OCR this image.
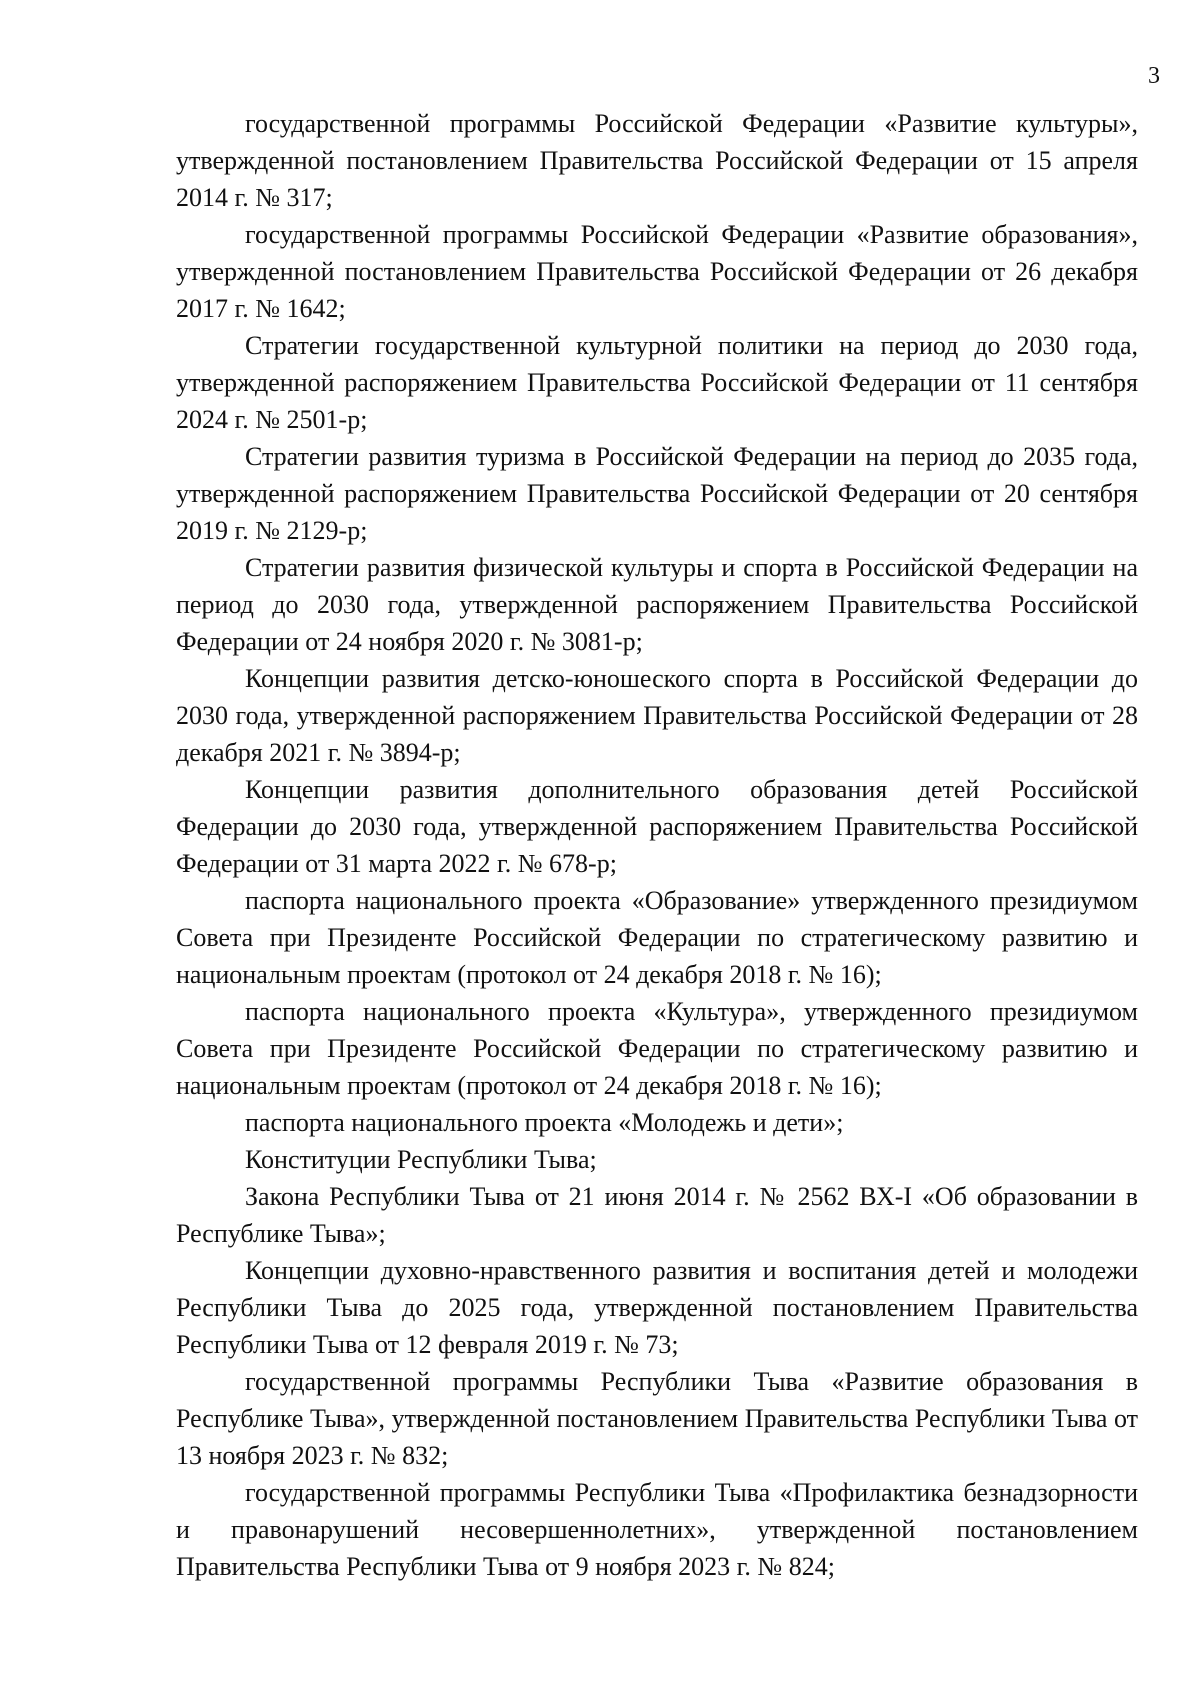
3

государственной программы Российской Федерации «Развитие культуры», утвержденной постановлением Правительства Российской Федерации от 15 апреля 2014 г. № 317;

государственной программы Российской Федерации «Развитие образования», утвержденной постановлением Правительства Российской Федерации от 26 декабря 2017 г. № 1642;

Стратегии государственной культурной политики на период до 2030 года, утвержденной распоряжением Правительства Российской Федерации от 11 сентября 2024 г. № 2501-р;

Стратегии развития туризма в Российской Федерации на период до 2035 года, утвержденной распоряжением Правительства Российской Федерации от 20 сентября 2019 г. № 2129-р;

Стратегии развития физической культуры и спорта в Российской Федерации на период до 2030 года, утвержденной распоряжением Правительства Российской Федерации от 24 ноября 2020 г. № 3081-р;

Концепции развития детско-юношеского спорта в Российской Федерации до 2030 года, утвержденной распоряжением Правительства Российской Федерации от 28 декабря 2021 г. № 3894-р;

Концепции развития дополнительного образования детей Российской Федерации до 2030 года, утвержденной распоряжением Правительства Российской Федерации от 31 марта 2022 г. № 678-р;

паспорта национального проекта «Образование» утвержденного президиумом Совета при Президенте Российской Федерации по стратегическому развитию и национальным проектам (протокол от 24 декабря 2018 г. № 16);

паспорта национального проекта «Культура», утвержденного президиумом Совета при Президенте Российской Федерации по стратегическому развитию и национальным проектам (протокол от 24 декабря 2018 г. № 16);

паспорта национального проекта «Молодежь и дети»;

Конституции Республики Тыва;

Закона Республики Тыва от 21 июня 2014 г. № 2562 ВХ-I «Об образовании в Республике Тыва»;

Концепции духовно-нравственного развития и воспитания детей и молодежи Республики Тыва до 2025 года, утвержденной постановлением Правительства Республики Тыва от 12 февраля 2019 г. № 73;

государственной программы Республики Тыва «Развитие образования в Республике Тыва», утвержденной постановлением Правительства Республики Тыва от 13 ноября 2023 г. № 832;

государственной программы Республики Тыва «Профилактика безнадзорности и правонарушений несовершеннолетних», утвержденной постановлением Правительства Республики Тыва от 9 ноября 2023 г. № 824;
